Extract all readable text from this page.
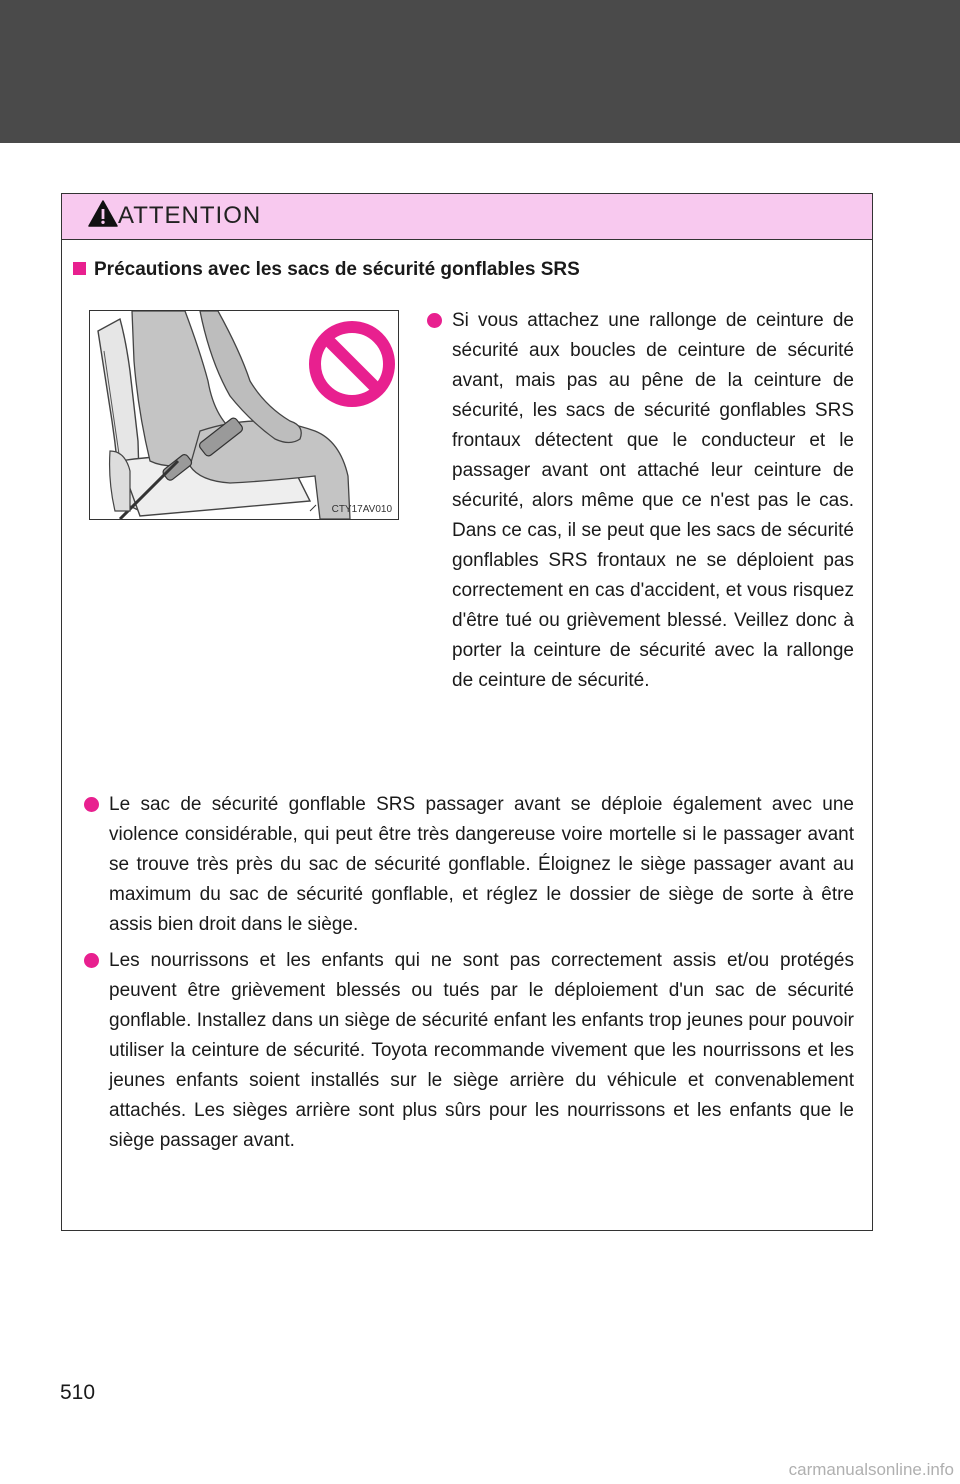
ATTENTION
Précautions avec les sacs de sécurité gonflables SRS
CTY17AV010

Si vous attachez une rallonge de ceinture de sécurité aux boucles de ceinture de sécurité avant, mais pas au pêne de la ceinture de sécurité, les sacs de sécurité gonflables SRS frontaux détectent que le conducteur et le passager avant ont attaché leur ceinture de sécurité, alors même que ce n'est pas le cas. Dans ce cas, il se peut que les sacs de sécurité gonflables SRS frontaux ne se déploient pas correctement en cas d'accident, et vous risquez d'être tué ou grièvement blessé. Veillez donc à porter la ceinture de sécurité avec la rallonge de ceinture de sécurité.

Le sac de sécurité gonflable SRS passager avant se déploie également avec une violence considérable, qui peut être très dangereuse voire mortelle si le passager avant se trouve très près du sac de sécurité gonflable. Éloignez le siège passager avant au maximum du sac de sécurité gonflable, et réglez le dossier de siège de sorte à être assis bien droit dans le siège.

Les nourrissons et les enfants qui ne sont pas correctement assis et/ou protégés peuvent être grièvement blessés ou tués par le déploiement d'un sac de sécurité gonflable. Installez dans un siège de sécurité enfant les enfants trop jeunes pour pouvoir utiliser la ceinture de sécurité. Toyota recommande vivement que les nourrissons et les jeunes enfants soient installés sur le siège arrière du véhicule et convenablement attachés. Les sièges arrière sont plus sûrs pour les nourrissons et les enfants que le siège passager avant.

510
carmanualsonline.info
